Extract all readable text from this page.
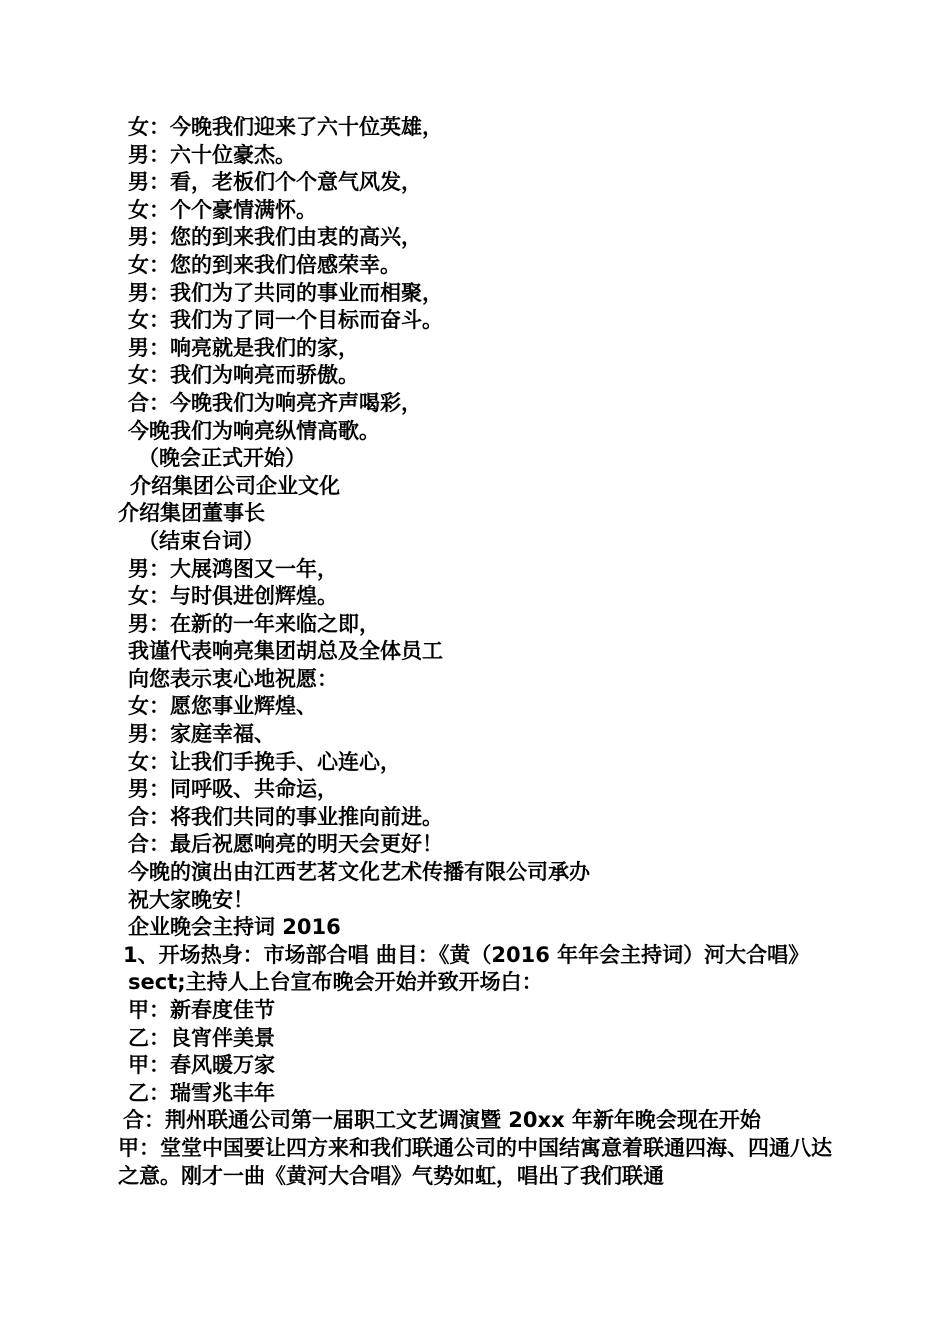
女：今晚我们迎来了六十位英雄，
男：六十位豪杰。
男：看，老板们个个意气风发，
女：个个豪情满怀。
男：您的到来我们由衷的高兴，
女：您的到来我们倍感荣幸。
男：我们为了共同的事业而相聚，
女：我们为了同一个目标而奋斗。
男：响亮就是我们的家，
女：我们为响亮而骄傲。
合：今晚我们为响亮齐声喝彩，
今晚我们为响亮纵情高歌。
（晚会正式开始）
介绍集团公司企业文化
介绍集团董事长
（结束台词）
男：大展鸿图又一年，
女：与时俱进创辉煌。
男：在新的一年来临之即，
我谨代表响亮集团胡总及全体员工
向您表示衷心地祝愿：
女：愿您事业辉煌、
男：家庭幸福、
女：让我们手挽手、心连心，
男：同呼吸、共命运，
合：将我们共同的事业推向前进。
合：最后祝愿响亮的明天会更好！
今晚的演出由江西艺茗文化艺术传播有限公司承办
祝大家晚安！
企业晚会主持词 2016
1、开场热身：市场部合唱 曲目：《黄（2016 年年会主持词）河大合唱》
sect;主持人上台宣布晚会开始并致开场白：
甲：新春度佳节
乙：良宵伴美景
甲：春风暖万家
乙：瑞雪兆丰年
合：荆州联通公司第一届职工文艺调演暨 20xx 年新年晚会现在开始
甲：堂堂中国要让四方来和我们联通公司的中国结寓意着联通四海、四通八达之意。刚才一曲《黄河大合唱》气势如虹，唱出了我们联通
